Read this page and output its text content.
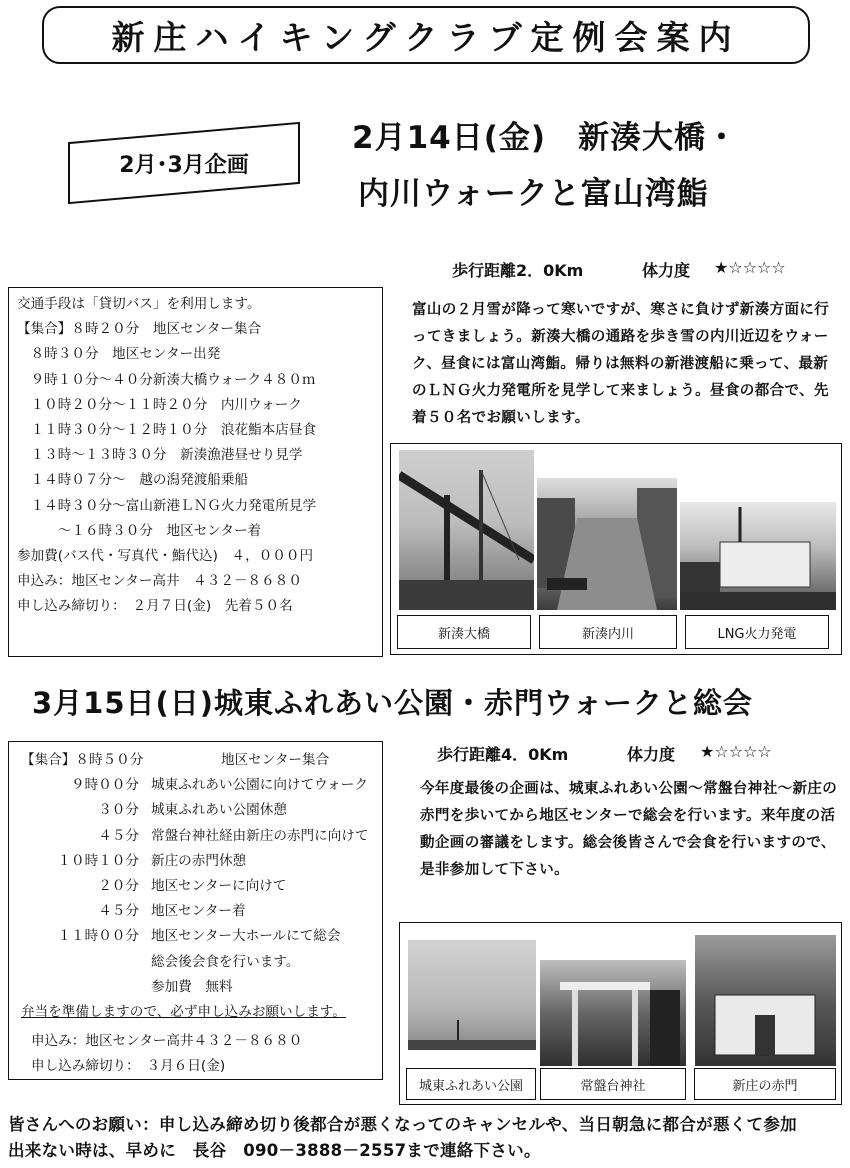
新庄ハイキングクラブ定例会案内
2月･3月企画
2月14日(金)　新湊大橋・
内川ウォークと富山湾鮨
歩行距離2．0Km	体力度 ★☆☆☆☆
富山の２月雪が降って寒いですが、寒さに負けず新湊方面に行ってきましょう。新湊大橋の通路を歩き雪の内川近辺をウォーク、昼食には富山湾鮨。帰りは無料の新港渡船に乗って、最新のＬＮＧ火力発電所を見学して来ましょう。昼食の都合で、先着５０名でお願いします。
交通手段は「貸切バス」を利用します。
【集合】８時２０分　地区センター集合
　８時３０分　地区センター出発
　９時１０分～４０分新湊大橋ウォーク４８０ｍ
　１０時２０分～１１時２０分　内川ウォーク
　１１時３０分～１２時１０分　浪花鮨本店昼食
　１３時～１３時３０分　新湊漁港昼せり見学
　１４時０７分～　越の潟発渡船乗船
　１４時３０分～富山新港ＬＮＧ火力発電所見学
　　　～１６時３０分　地区センター着
参加費(バス代・写真代・鮨代込)　４，０００円
申込み：地区センター高井　４３２－８６８０
申し込み締切り：　２月７日(金)　先着５０名
新湊大橋	新湊内川	LNG火力発電
3月15日(日)城東ふれあい公園・赤門ウォークと総会
歩行距離4．0Km	体力度 ★☆☆☆☆
今年度最後の企画は、城東ふれあい公園～常盤台神社～新庄の赤門を歩いてから地区センターで総会を行います。来年度の活動企画の審議をします。総会後皆さんで会食を行いますので、是非参加して下さい。
【集合】８時５０分	地区センター集合
９時００分 城東ふれあい公園に向けてウォーク
３０分 城東ふれあい公園休憩
４５分 常盤台神社経由新庄の赤門に向けて
１０時１０分 新庄の赤門休憩
２０分 地区センターに向けて
４５分 地区センター着
１１時００分 地区センター大ホールにて総会
総会後会食を行います。
参加費　無料
弁当を準備しますので、必ず申し込みお願いします。
申込み：地区センター高井４３２－８６８０
申し込み締切り：　３月６日(金)
城東ふれあい公園	常盤台神社	新庄の赤門
皆さんへのお願い：申し込み締め切り後都合が悪くなってのキャンセルや、当日朝急に都合が悪くて参加
出来ない時は、早めに　長谷　090－3888－2557まで連絡下さい。
